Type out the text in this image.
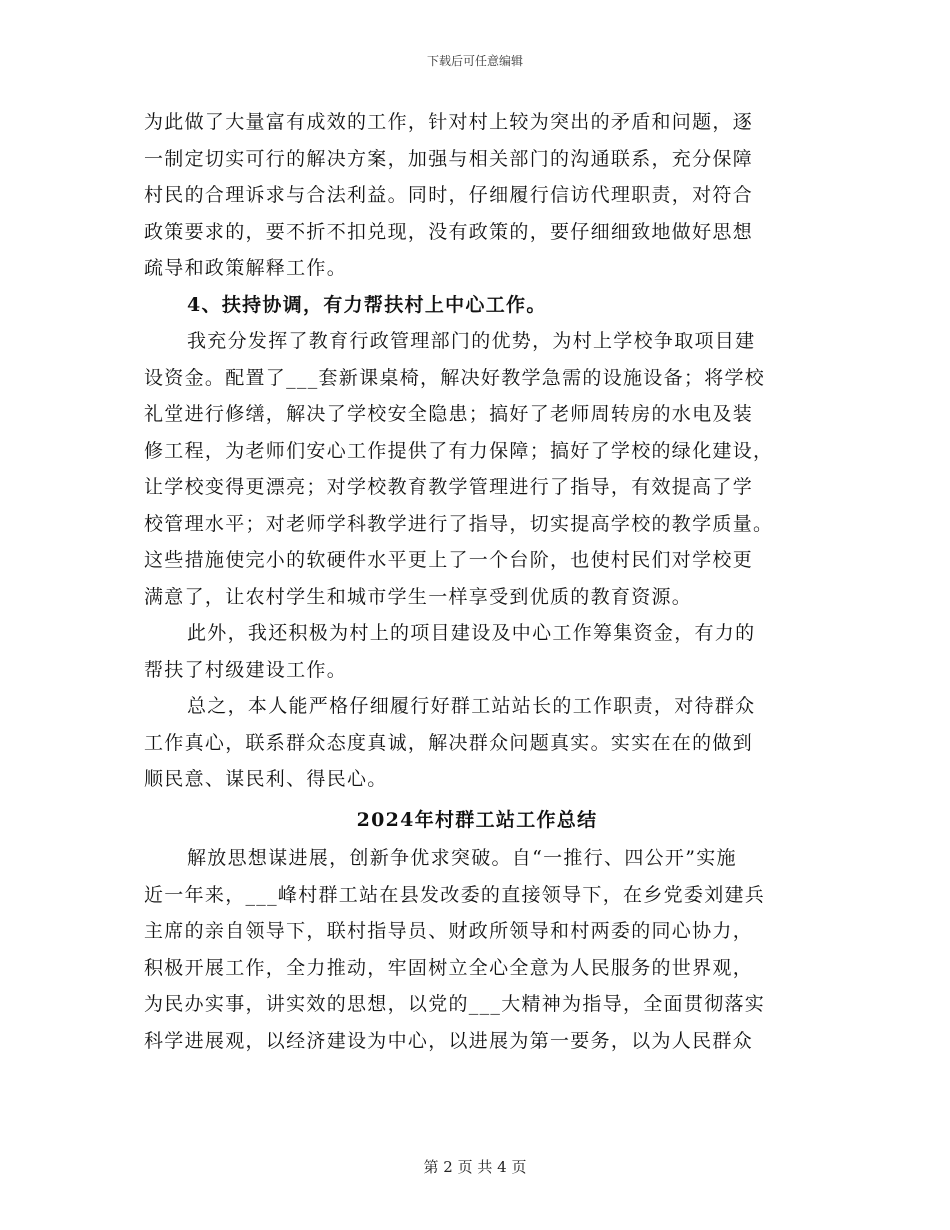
下载后可任意编辑
为此做了大量富有成效的工作，针对村上较为突出的矛盾和问题，逐
一制定切实可行的解决方案，加强与相关部门的沟通联系，充分保障
村民的合理诉求与合法利益。同时，仔细履行信访代理职责，对符合
政策要求的，要不折不扣兑现，没有政策的，要仔细细致地做好思想
疏导和政策解释工作。
4、扶持协调，有力帮扶村上中心工作。
我充分发挥了教育行政管理部门的优势，为村上学校争取项目建
设资金。配置了___套新课桌椅，解决好教学急需的设施设备；将学校
礼堂进行修缮，解决了学校安全隐患；搞好了老师周转房的水电及装
修工程，为老师们安心工作提供了有力保障；搞好了学校的绿化建设，
让学校变得更漂亮；对学校教育教学管理进行了指导，有效提高了学
校管理水平；对老师学科教学进行了指导，切实提高学校的教学质量。
这些措施使完小的软硬件水平更上了一个台阶，也使村民们对学校更
满意了，让农村学生和城市学生一样享受到优质的教育资源。
此外，我还积极为村上的项目建设及中心工作筹集资金，有力的
帮扶了村级建设工作。
总之，本人能严格仔细履行好群工站站长的工作职责，对待群众
工作真心，联系群众态度真诚，解决群众问题真实。实实在在的做到
顺民意、谋民利、得民心。
2024年村群工站工作总结
解放思想谋进展，创新争优求突破。自“一推行、四公开”实施
近一年来，___峰村群工站在县发改委的直接领导下，在乡党委刘建兵
主席的亲自领导下，联村指导员、财政所领导和村两委的同心协力，
积极开展工作，全力推动，牢固树立全心全意为人民服务的世界观，
为民办实事，讲实效的思想，以党的___大精神为指导，全面贯彻落实
科学进展观，以经济建设为中心，以进展为第一要务，以为人民群众
第 2 页 共 4 页
